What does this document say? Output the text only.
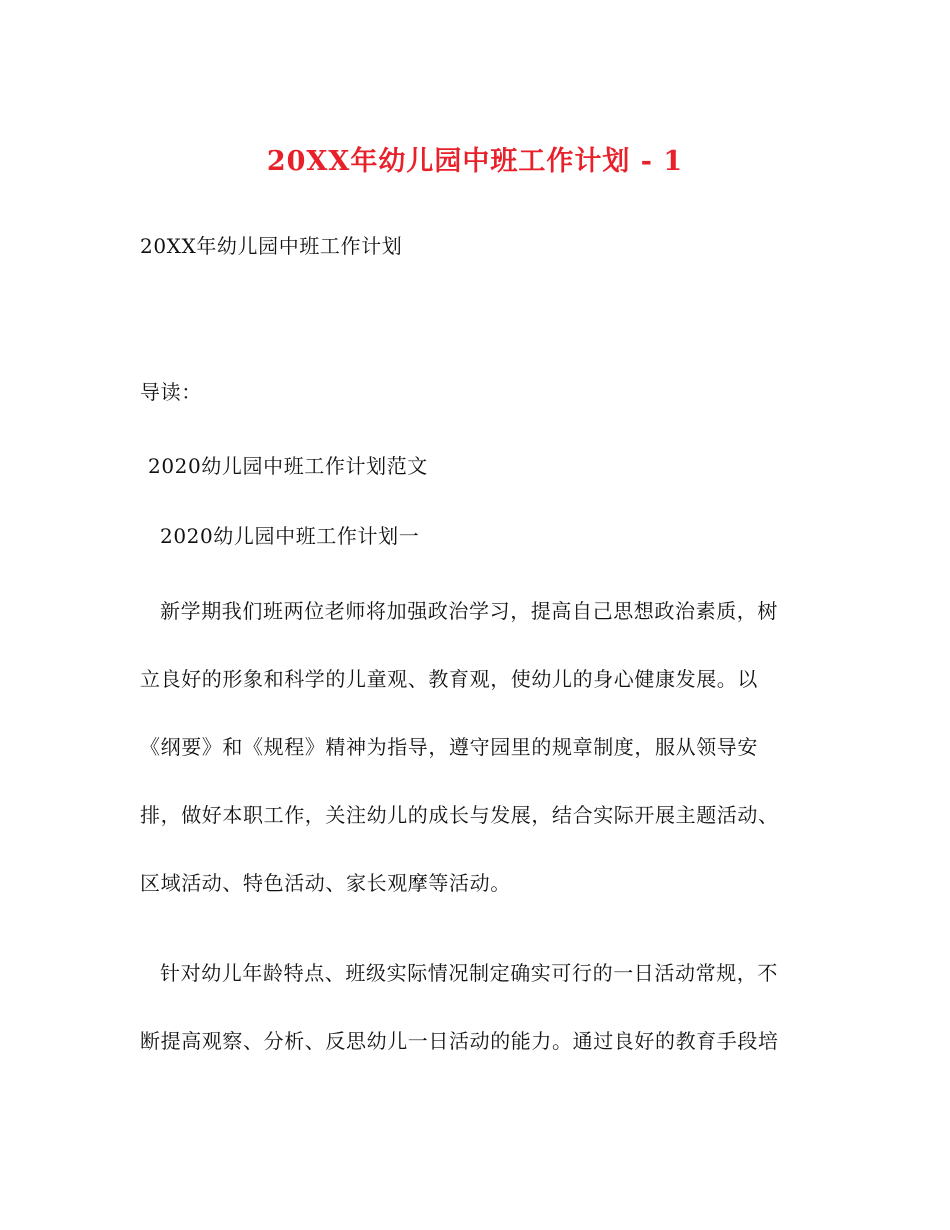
20XX年幼儿园中班工作计划 - 1
20XX年幼儿园中班工作计划
导读：
2020幼儿园中班工作计划范文
2020幼儿园中班工作计划一
新学期我们班两位老师将加强政治学习，提高自己思想政治素质，树
立良好的形象和科学的儿童观、教育观，使幼儿的身心健康发展。以
《纲要》和《规程》精神为指导，遵守园里的规章制度，服从领导安
排，做好本职工作，关注幼儿的成长与发展，结合实际开展主题活动、
区域活动、特色活动、家长观摩等活动。
针对幼儿年龄特点、班级实际情况制定确实可行的一日活动常规，不
断提高观察、分析、反思幼儿一日活动的能力。通过良好的教育手段培
